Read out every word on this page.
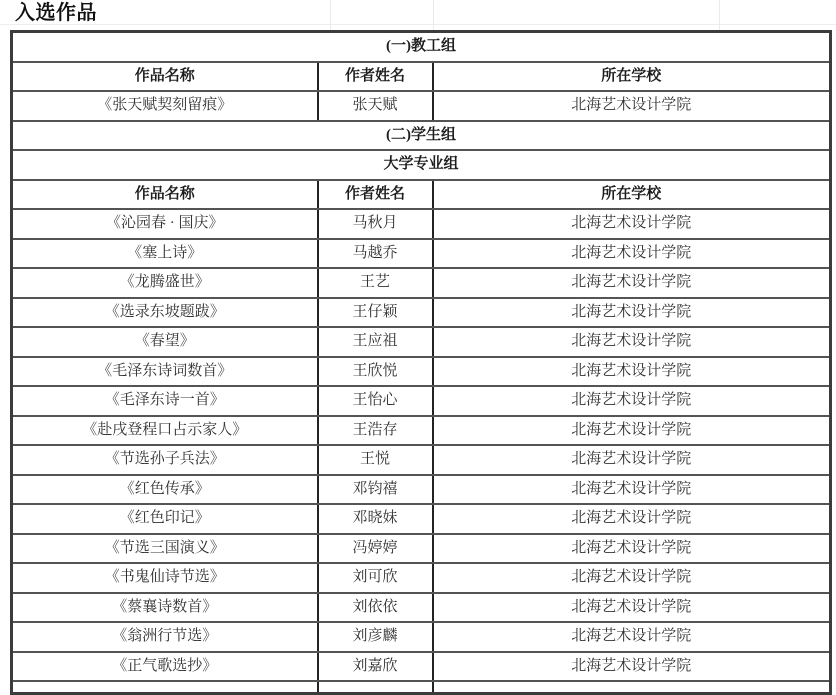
入选作品
(一)教工组		
作品名称	作者姓名	所在学校
《张天赋契刻留痕》	张天赋	北海艺术设计学院
(二)学生组		
大学专业组		
作品名称	作者姓名	所在学校
《沁园春 · 国庆》	马秋月	北海艺术设计学院
《塞上诗》	马越乔	北海艺术设计学院
《龙腾盛世》	王艺	北海艺术设计学院
《选录东坡题跋》	王仔颖	北海艺术设计学院
《春望》	王应祖	北海艺术设计学院
《毛泽东诗词数首》	王欣悦	北海艺术设计学院
《毛泽东诗一首》	王怡心	北海艺术设计学院
《赴戌登程口占示家人》	王浩存	北海艺术设计学院
《节选孙子兵法》	王悦	北海艺术设计学院
《红色传承》	邓钧禧	北海艺术设计学院
《红色印记》	邓晓妹	北海艺术设计学院
《节选三国演义》	冯婷婷	北海艺术设计学院
《书鬼仙诗节选》	刘可欣	北海艺术设计学院
《蔡襄诗数首》	刘依依	北海艺术设计学院
《翁洲行节选》	刘彦麟	北海艺术设计学院
《正气歌选抄》	刘嘉欣	北海艺术设计学院
